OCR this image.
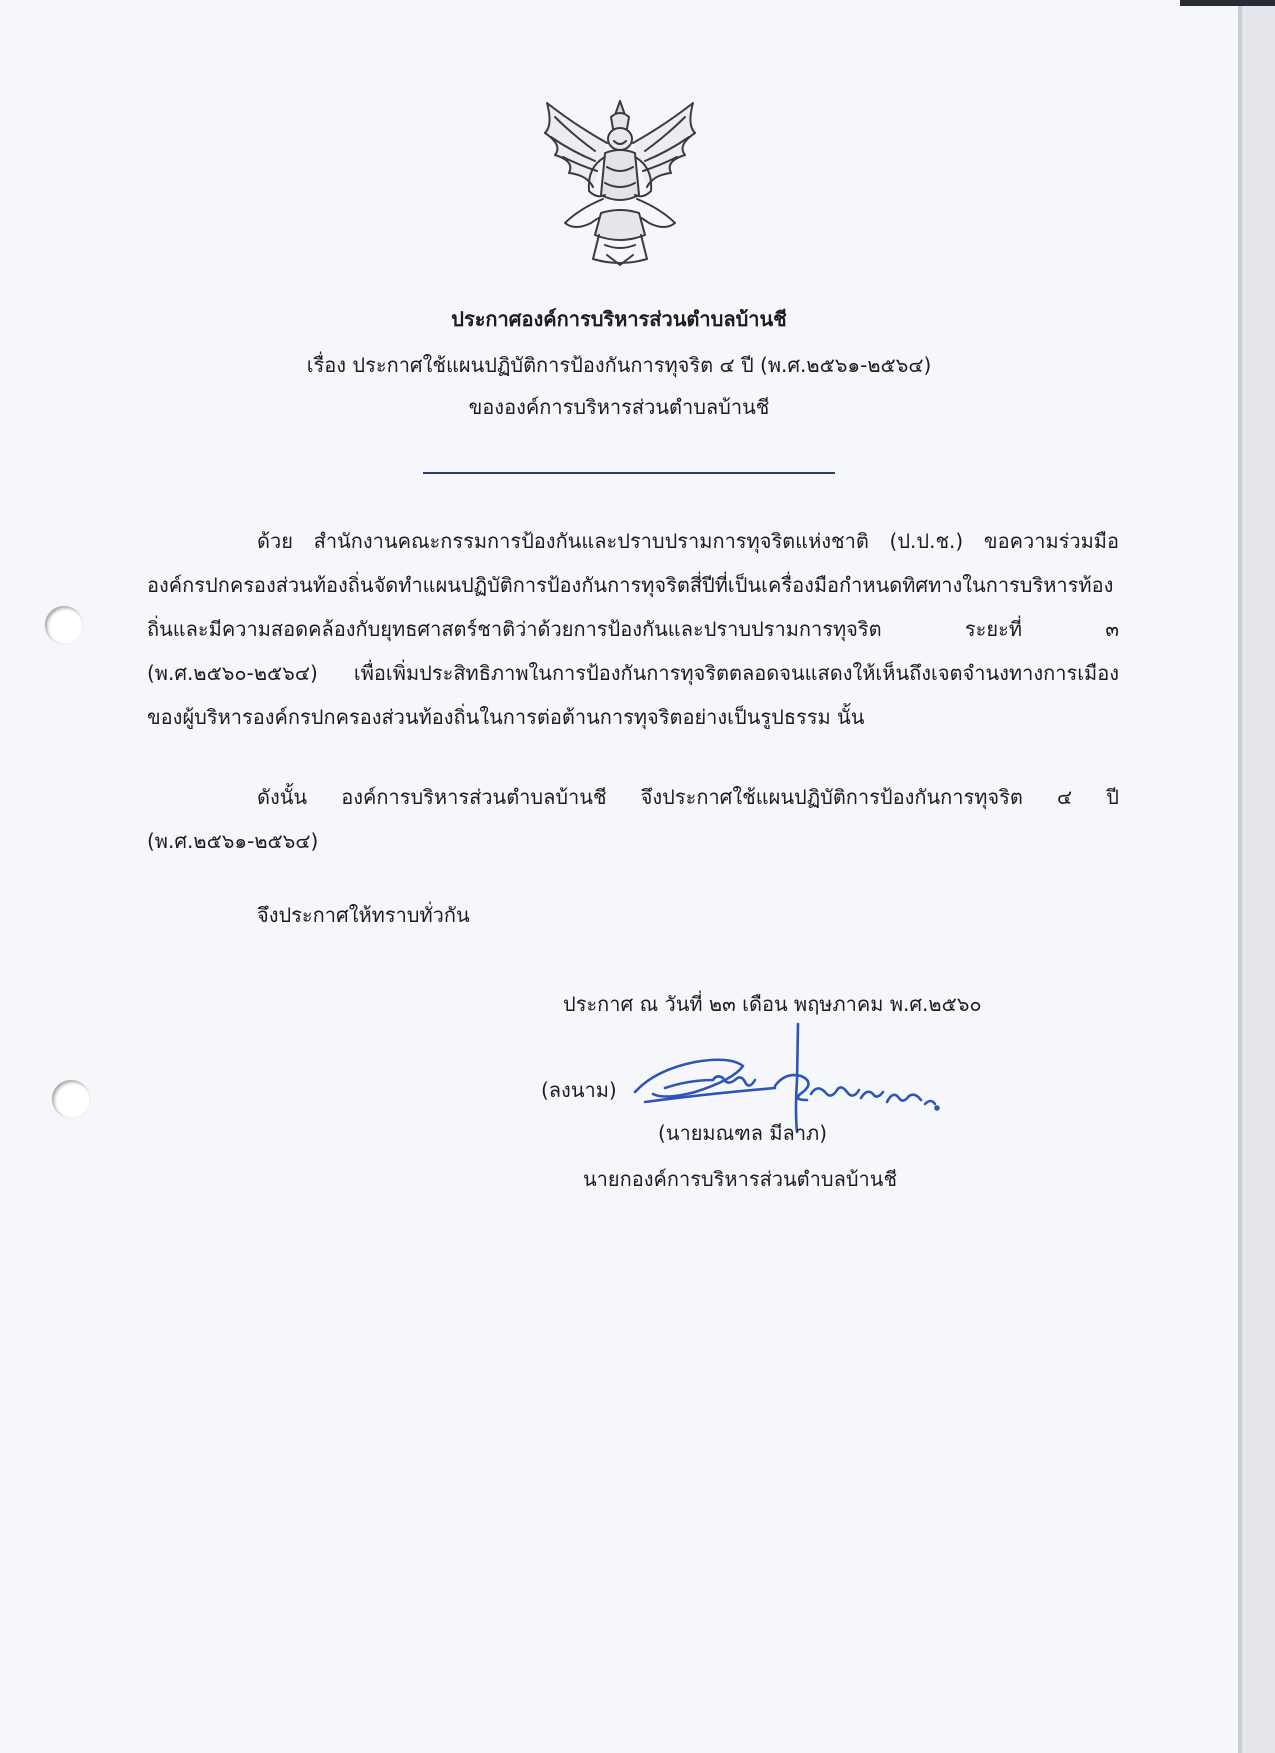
ประกาศองค์การบริหารส่วนตำบลบ้านชี
เรื่อง ประกาศใช้แผนปฏิบัติการป้องกันการทุจริต ๔ ปี (พ.ศ.๒๕๖๑-๒๕๖๔)
ขององค์การบริหารส่วนตำบลบ้านชี
ด้วย สำนักงานคณะกรรมการป้องกันและปราบปรามการทุจริตแห่งชาติ (ป.ป.ช.) ขอความร่วมมือองค์กรปกครองส่วนท้องถิ่นจัดทำแผนปฏิบัติการป้องกันการทุจริตสี่ปีที่เป็นเครื่องมือกำหนดทิศทางในการบริหารท้องถิ่นและมีความสอดคล้องกับยุทธศาสตร์ชาติว่าด้วยการป้องกันและปราบปรามการทุจริต ระยะที่ ๓ (พ.ศ.๒๕๖๐-๒๕๖๔) เพื่อเพิ่มประสิทธิภาพในการป้องกันการทุจริตตลอดจนแสดงให้เห็นถึงเจตจำนงทางการเมืองของผู้บริหารองค์กรปกครองส่วนท้องถิ่นในการต่อต้านการทุจริตอย่างเป็นรูปธรรม นั้น
ดังนั้น องค์การบริหารส่วนตำบลบ้านชี จึงประกาศใช้แผนปฏิบัติการป้องกันการทุจริต ๔ ปี (พ.ศ.๒๕๖๑-๒๕๖๔)
จึงประกาศให้ทราบทั่วกัน
ประกาศ ณ วันที่ ๒๓ เดือน พฤษภาคม พ.ศ.๒๕๖๐
(ลงนาม)
(นายมณฑล มีลาภ)
นายกองค์การบริหารส่วนตำบลบ้านชี
